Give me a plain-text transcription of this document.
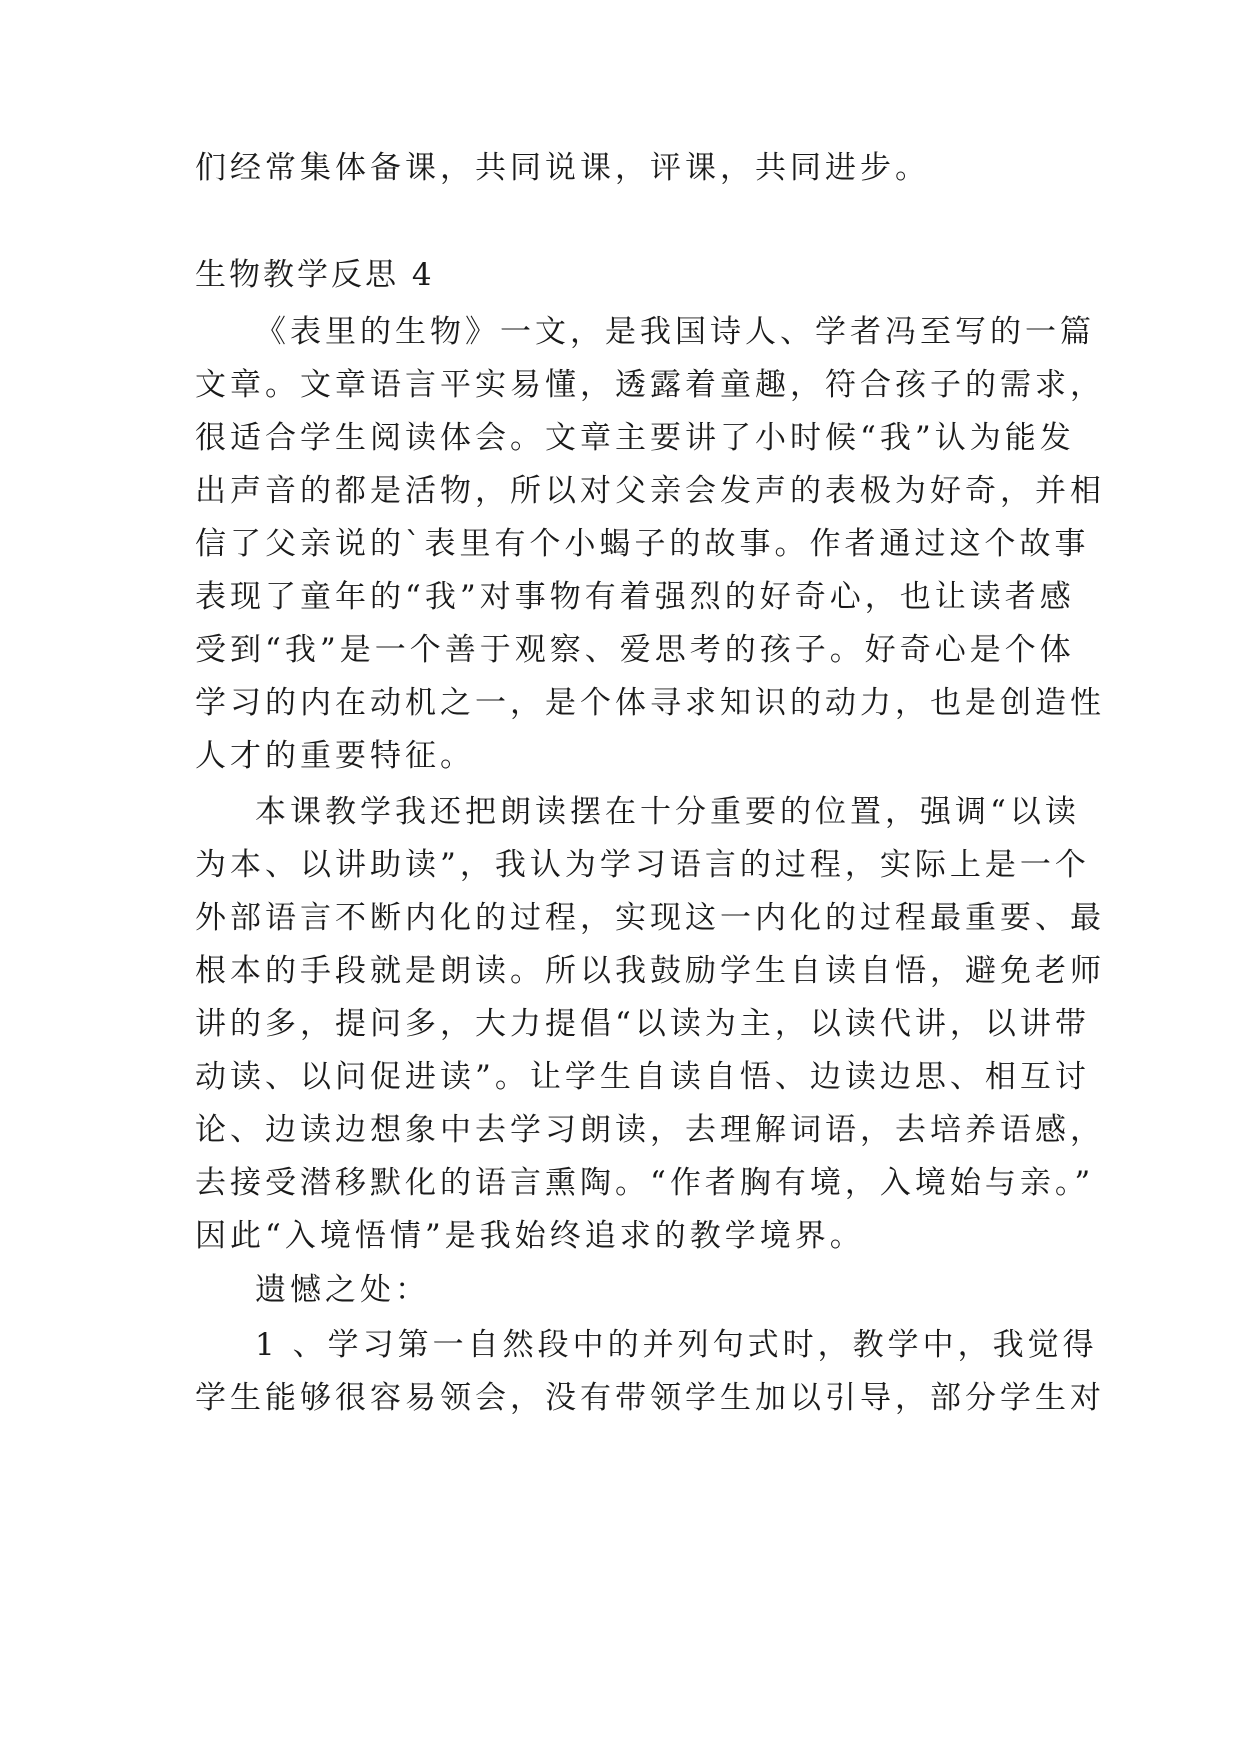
们经常集体备课，共同说课，评课，共同进步。
生物教学反思 4
《表里的生物》一文，是我国诗人、学者冯至写的一篇
文章。文章语言平实易懂，透露着童趣，符合孩子的需求，
很适合学生阅读体会。文章主要讲了小时候“我”认为能发
出声音的都是活物，所以对父亲会发声的表极为好奇，并相
信了父亲说的`表里有个小蝎子的故事。作者通过这个故事
表现了童年的“我”对事物有着强烈的好奇心，也让读者感
受到“我”是一个善于观察、爱思考的孩子。好奇心是个体
学习的内在动机之一，是个体寻求知识的动力，也是创造性
人才的重要特征。
本课教学我还把朗读摆在十分重要的位置，强调“以读
为本、以讲助读”，我认为学习语言的过程，实际上是一个
外部语言不断内化的过程，实现这一内化的过程最重要、最
根本的手段就是朗读。所以我鼓励学生自读自悟，避免老师
讲的多，提问多，大力提倡“以读为主，以读代讲，以讲带
动读、以问促进读”。让学生自读自悟、边读边思、相互讨
论、边读边想象中去学习朗读，去理解词语，去培养语感，
去接受潜移默化的语言熏陶。“作者胸有境，入境始与亲。”
因此“入境悟情”是我始终追求的教学境界。
遗憾之处：
1 、学习第一自然段中的并列句式时，教学中，我觉得
学生能够很容易领会，没有带领学生加以引导，部分学生对
